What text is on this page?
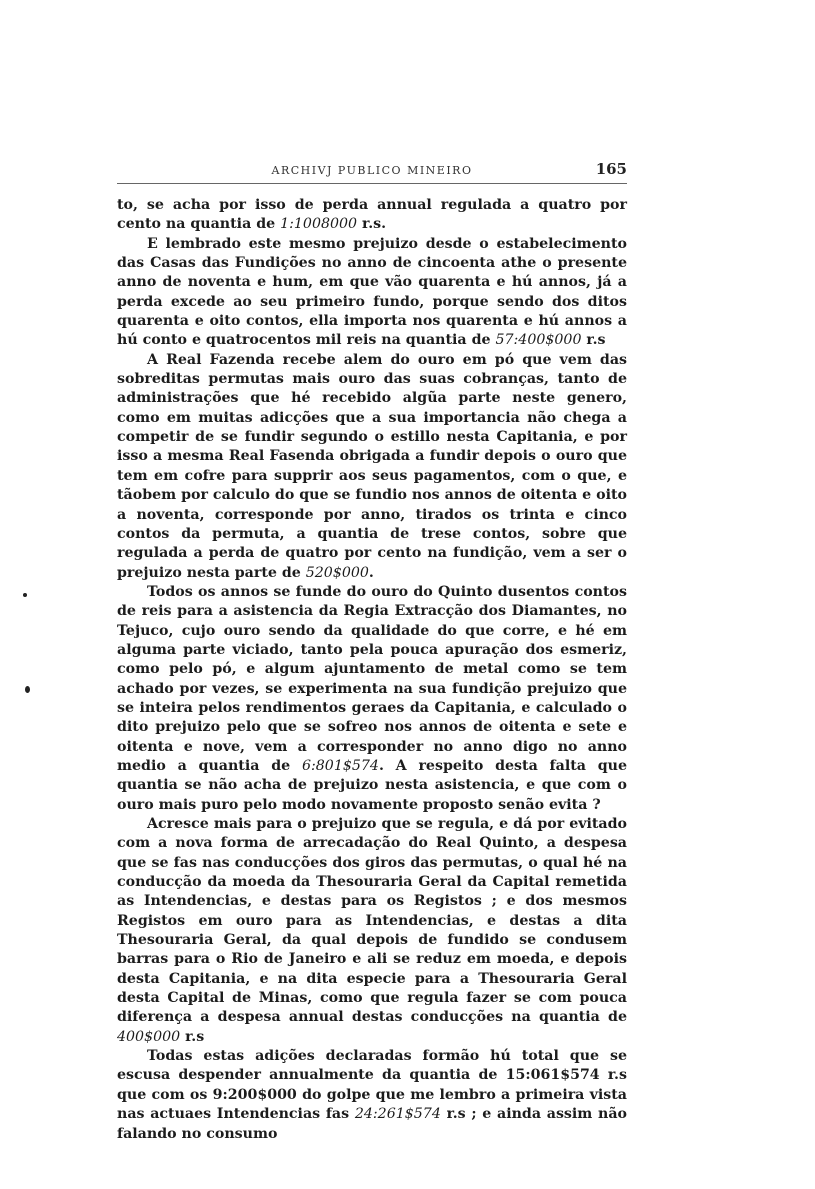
ARCHIVJ PUBLICO MINEIRO	165

to, se acha por isso de perda annual regulada a quatro por cento na quantia de 1:1008000 r.s.

E lembrado este mesmo prejuizo desde o estabelecimento das Casas das Fundições no anno de cincoenta athe o presente anno de noventa e hum, em que vão quarenta e hú annos, já a perda excede ao seu primeiro fundo, porque sendo dos ditos quarenta e oito contos, ella importa nos quarenta e hú annos a hú conto e quatrocentos mil reis na quantia de 57:400$000 r.s

A Real Fazenda recebe alem do ouro em pó que vem das sobreditas permutas mais ouro das suas cobranças, tanto de administrações que hé recebido algũa parte neste genero, como em muitas adicções que a sua importancia não chega a competir de se fundir segundo o estillo nesta Capitania, e por isso a mesma Real Fasenda obrigada a fundir depois o ouro que tem em cofre para supprir aos seus pagamentos, com o que, e tãobem por calculo do que se fundio nos annos de oitenta e oito a noventa, corresponde por anno, tirados os trinta e cinco contos da permuta, a quantia de trese contos, sobre que regulada a perda de quatro por cento na fundição, vem a ser o prejuizo nesta parte de 520$000.

Todos os annos se funde do ouro do Quinto dusentos contos de reis para a asistencia da Regia Extracção dos Diamantes, no Tejuco, cujo ouro sendo da qualidade do que corre, e hé em alguma parte viciado, tanto pela pouca apuração dos esmeriz, como pelo pó, e algum ajuntamento de metal como se tem achado por vezes, se experimenta na sua fundição prejuizo que se inteira pelos rendimentos geraes da Capitania, e calculado o dito prejuizo pelo que se sofreo nos annos de oitenta e sete e oitenta e nove, vem a corresponder no anno digo no anno medio a quantia de 6:801$574. A respeito desta falta que quantia se não acha de prejuizo nesta asistencia, e que com o ouro mais puro pelo modo novamente proposto senão evita ?

Acresce mais para o prejuizo que se regula, e dá por evitado com a nova forma de arrecadação do Real Quinto, a despesa que se fas nas conducções dos giros das permutas, o qual hé na conducção da moeda da Thesouraria Geral da Capital remetida as Intendencias, e destas para os Registos ; e dos mesmos Registos em ouro para as Intendencias, e destas a dita Thesouraria Geral, da qual depois de fundido se condusem barras para o Rio de Janeiro e ali se reduz em moeda, e depois desta Capitania, e na dita especie para a Thesouraria Geral desta Capital de Minas, como que regula fazer se com pouca diferença a despesa annual destas conducções na quantia de 400$000 r.s

Todas estas adições declaradas formão hú total que se escusa despender annualmente da quantia de 15:061$574 r.s que com os 9:200$000 do golpe que me lembro a primeira vista nas actuaes Intendencias fas 24:261$574 r.s ; e ainda assim não falando no consumo
